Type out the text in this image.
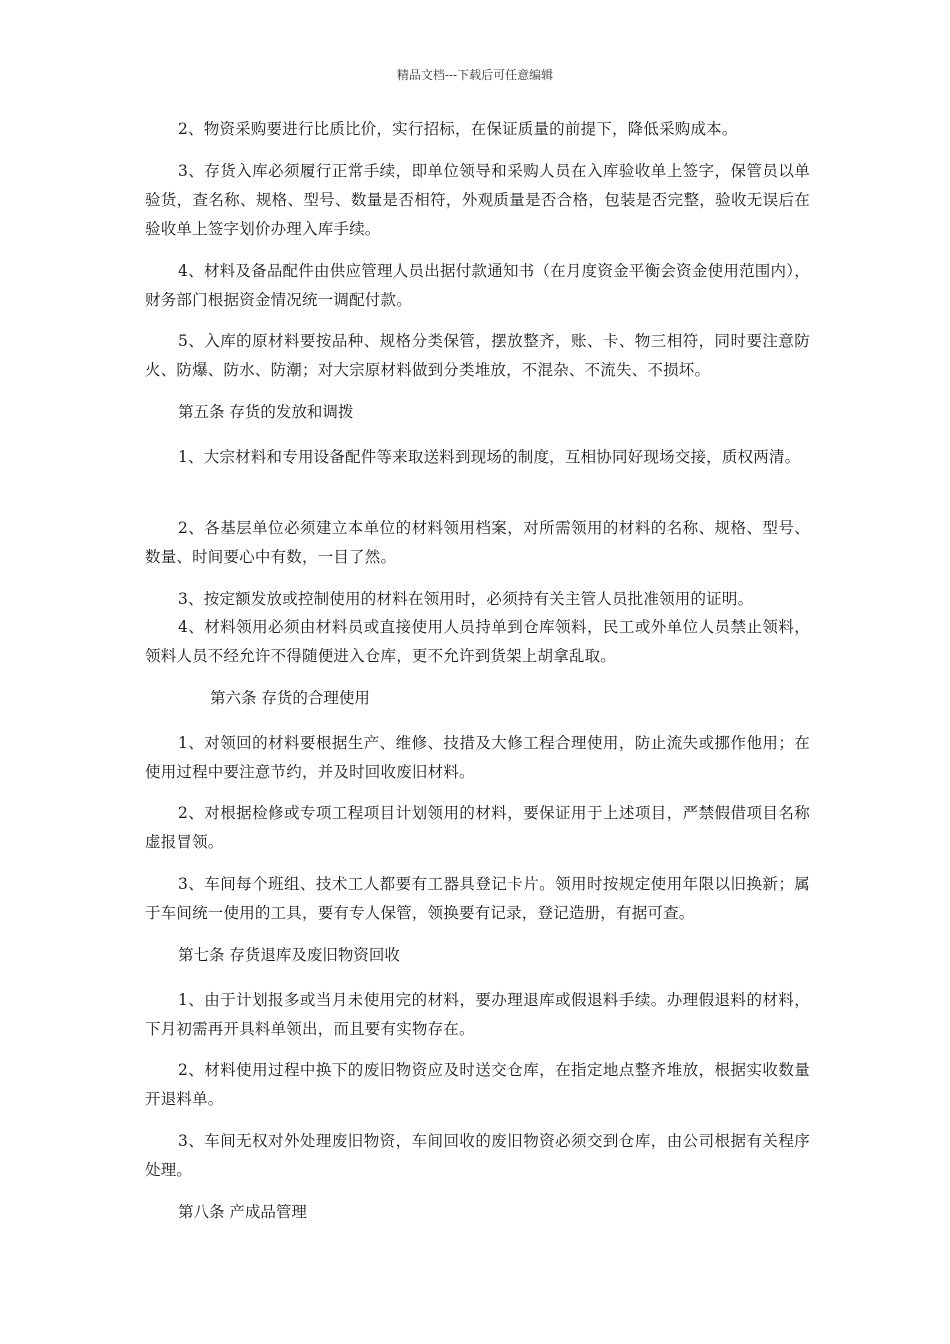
精品文档---下载后可任意编辑

2、物资采购要进行比质比价，实行招标，在保证质量的前提下，降低采购成本。

3、存货入库必须履行正常手续，即单位领导和采购人员在入库验收单上签字，保管员以单验货，查名称、规格、型号、数量是否相符，外观质量是否合格，包装是否完整，验收无误后在验收单上签字划价办理入库手续。

4、材料及备品配件由供应管理人员出据付款通知书（在月度资金平衡会资金使用范围内），财务部门根据资金情况统一调配付款。

5、入库的原材料要按品种、规格分类保管，摆放整齐，账、卡、物三相符，同时要注意防火、防爆、防水、防潮；对大宗原材料做到分类堆放，不混杂、不流失、不损坏。

第五条 存货的发放和调拨

1、大宗材料和专用设备配件等来取送料到现场的制度，互相协同好现场交接，质权两清。

2、各基层单位必须建立本单位的材料领用档案，对所需领用的材料的名称、规格、型号、数量、时间要心中有数，一目了然。

3、按定额发放或控制使用的材料在领用时，必须持有关主管人员批准领用的证明。

4、材料领用必须由材料员或直接使用人员持单到仓库领料，民工或外单位人员禁止领料，领料人员不经允许不得随便进入仓库，更不允许到货架上胡拿乱取。

第六条 存货的合理使用

1、对领回的材料要根据生产、维修、技措及大修工程合理使用，防止流失或挪作他用；在使用过程中要注意节约，并及时回收废旧材料。

2、对根据检修或专项工程项目计划领用的材料，要保证用于上述项目，严禁假借项目名称虚报冒领。

3、车间每个班组、技术工人都要有工器具登记卡片。领用时按规定使用年限以旧换新；属于车间统一使用的工具，要有专人保管，领换要有记录，登记造册，有据可查。

第七条 存货退库及废旧物资回收

1、由于计划报多或当月未使用完的材料，要办理退库或假退料手续。办理假退料的材料，下月初需再开具料单领出，而且要有实物存在。

2、材料使用过程中换下的废旧物资应及时送交仓库，在指定地点整齐堆放，根据实收数量开退料单。

3、车间无权对外处理废旧物资，车间回收的废旧物资必须交到仓库，由公司根据有关程序处理。

第八条 产成品管理
